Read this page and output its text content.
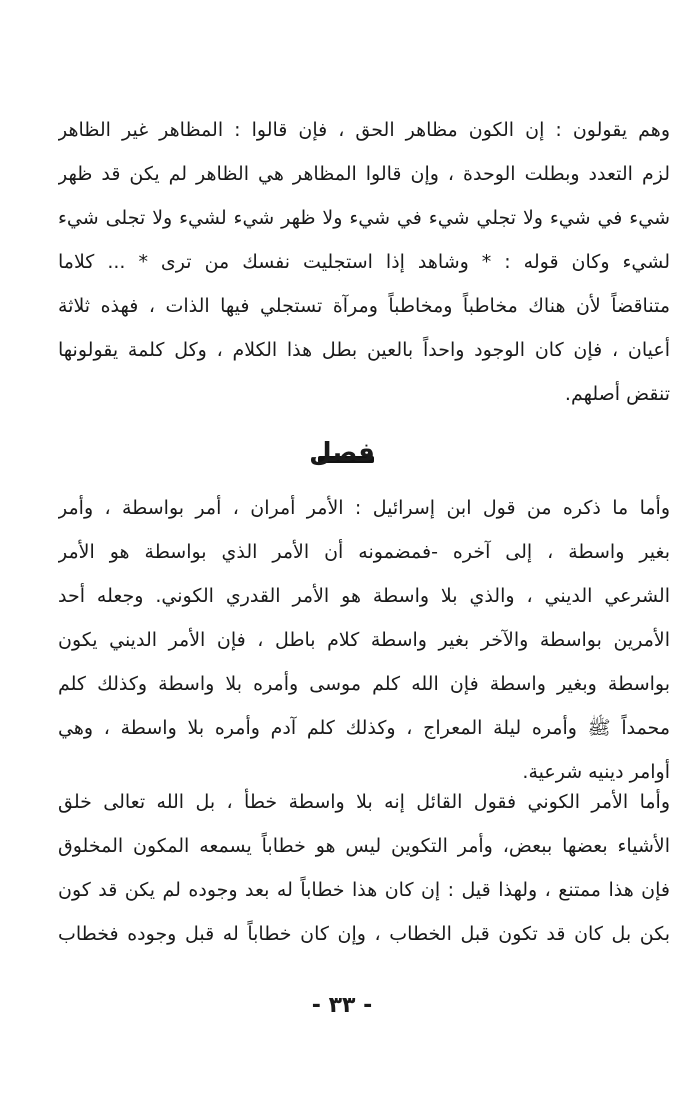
وهم يقولون : إن الكون مظاهر الحق ، فإن قالوا : المظاهر غير الظاهر
لزم التعدد وبطلت الوحدة ، وإن قالوا المظاهر هي الظاهر لم يكن قد ظهر
شيء في شيء ولا تجلي شيء في شيء ولا ظهر شيء لشيء ولا تجلى شيء
لشيء وكان قوله : * وشاهد إذا استجليت نفسك من ترى * ... كلاما
متناقضاً لأن هناك مخاطباً ومخاطباً ومرآة تستجلي فيها الذات ، فهذه ثلاثة
أعيان ، فإن كان الوجود واحداً بالعين بطل هذا الكلام ، وكل كلمة يقولونها
تنقض أصلهم.
فصل
وأما ما ذكره من قول ابن إسرائيل : الأمر أمران ، أمر بواسطة ، وأمر
بغير واسطة ، إلى آخره -فمضمونه أن الأمر الذي بواسطة هو الأمر
الشرعي الديني ، والذي بلا واسطة هو الأمر القدري الكوني. وجعله أحد
الأمرين بواسطة والآخر بغير واسطة كلام باطل ، فإن الأمر الديني يكون
بواسطة وبغير واسطة فإن الله كلم موسى وأمره بلا واسطة وكذلك كلم
محمداً ﷺ وأمره ليلة المعراج ، وكذلك كلم آدم وأمره بلا واسطة ، وهي
أوامر دينيه شرعية.
وأما الأمر الكوني فقول القائل إنه بلا واسطة خطأ ، بل الله تعالى خلق
الأشياء بعضها ببعض، وأمر التكوين ليس هو خطاباً يسمعه المكون المخلوق
فإن هذا ممتنع ، ولهذا قيل : إن كان هذا خطاباً له بعد وجوده لم يكن قد كون
بكن بل كان قد تكون قبل الخطاب ، وإن كان خطاباً له قبل وجوده فخطاب
- ٣٣ -
